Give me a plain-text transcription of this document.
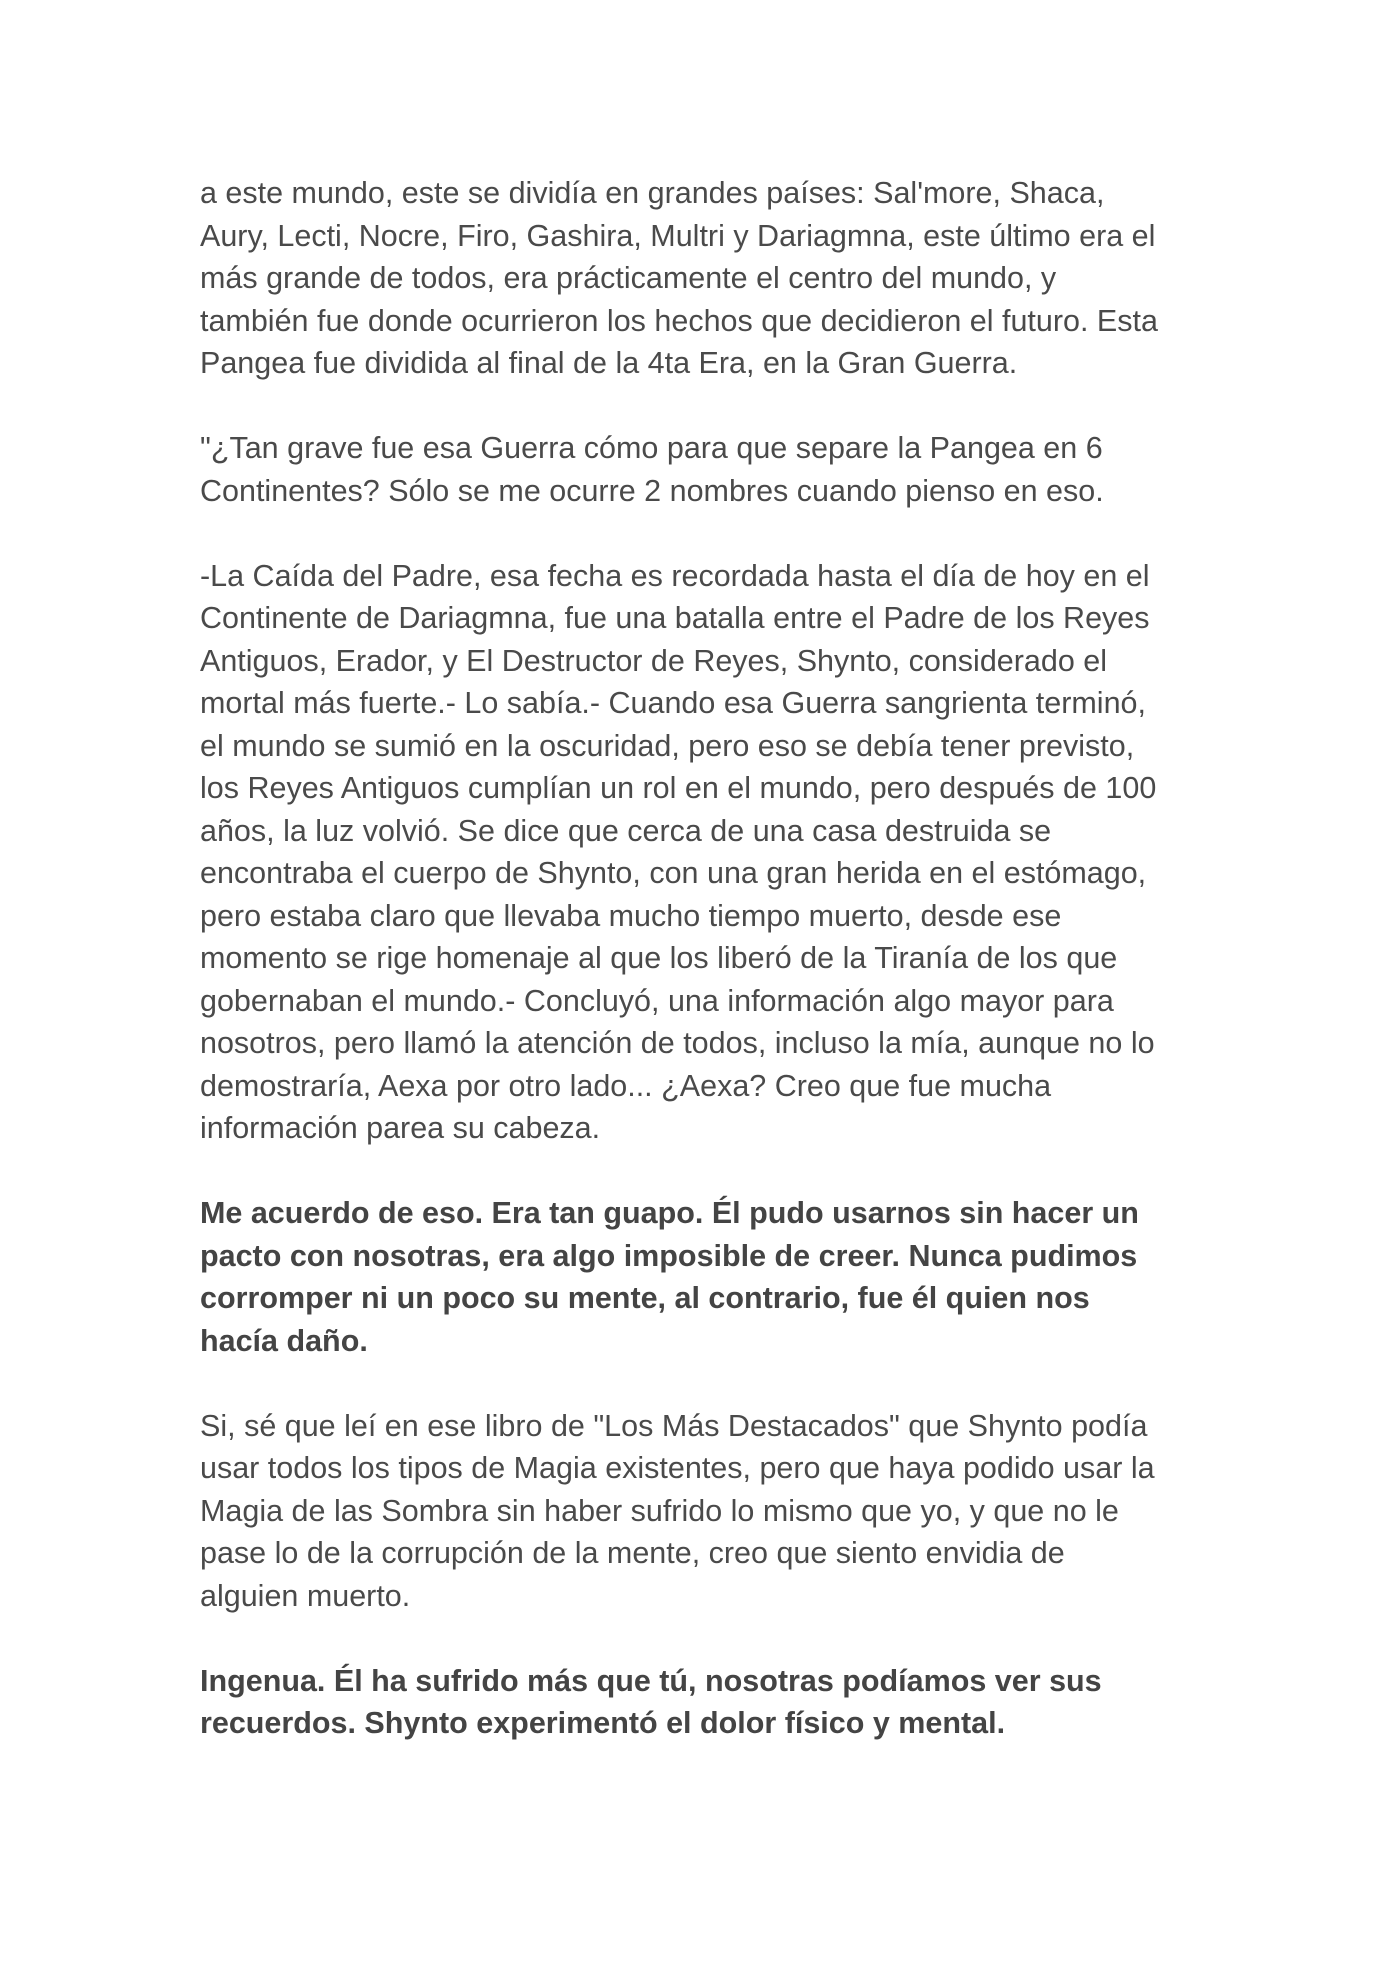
a este mundo, este se dividía en grandes países: Sal'more, Shaca,
Aury, Lecti, Nocre, Firo, Gashira, Multri y Dariagmna, este último era el
más grande de todos, era prácticamente el centro del mundo, y
también fue donde ocurrieron los hechos que decidieron el futuro. Esta
Pangea fue dividida al final de la 4ta Era, en la Gran Guerra.

"¿Tan grave fue esa Guerra cómo para que separe la Pangea en 6
Continentes? Sólo se me ocurre 2 nombres cuando pienso en eso.

-La Caída del Padre, esa fecha es recordada hasta el día de hoy en el
Continente de Dariagmna, fue una batalla entre el Padre de los Reyes
Antiguos, Erador, y El Destructor de Reyes, Shynto, considerado el
mortal más fuerte.- Lo sabía.- Cuando esa Guerra sangrienta terminó,
el mundo se sumió en la oscuridad, pero eso se debía tener previsto,
los Reyes Antiguos cumplían un rol en el mundo, pero después de 100
años, la luz volvió. Se dice que cerca de una casa destruida se
encontraba el cuerpo de Shynto, con una gran herida en el estómago,
pero estaba claro que llevaba mucho tiempo muerto, desde ese
momento se rige homenaje al que los liberó de la Tiranía de los que
gobernaban el mundo.- Concluyó, una información algo mayor para
nosotros, pero llamó la atención de todos, incluso la mía, aunque no lo
demostraría, Aexa por otro lado... ¿Aexa? Creo que fue mucha
información parea su cabeza.

Me acuerdo de eso. Era tan guapo. Él pudo usarnos sin hacer un
pacto con nosotras, era algo imposible de creer. Nunca pudimos
corromper ni un poco su mente, al contrario, fue él quien nos
hacía daño.

Si, sé que leí en ese libro de "Los Más Destacados" que Shynto podía
usar todos los tipos de Magia existentes, pero que haya podido usar la
Magia de las Sombra sin haber sufrido lo mismo que yo, y que no le
pase lo de la corrupción de la mente, creo que siento envidia de
alguien muerto.

Ingenua. Él ha sufrido más que tú, nosotras podíamos ver sus
recuerdos. Shynto experimentó el dolor físico y mental.
